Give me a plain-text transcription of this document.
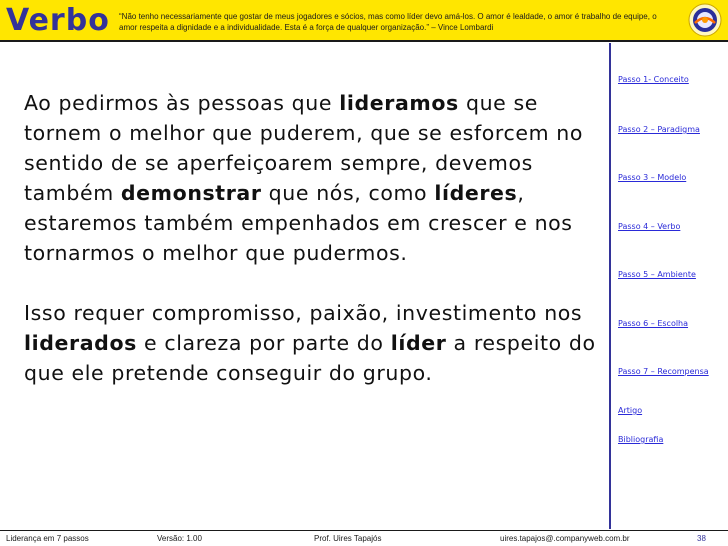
Verbo “Não tenho necessariamente que gostar de meus jogadores e sócios, mas como líder devo amá-los. O amor é lealdade, o amor é trabalho de equipe, o
amor respeita a dignidade e a individualidade. Esta é a força de qualquer organização.” – Vince Lombardi

Ao pedirmos às pessoas que lideramos que se tornem o melhor que puderem, que se esforcem no sentido de se aperfeiçoarem sempre, devemos também demonstrar que nós, como líderes, estaremos também empenhados em crescer e nos tornarmos o melhor que pudermos.

Isso requer compromisso, paixão, investimento nos liderados e clareza por parte do líder a respeito do que ele pretende conseguir do grupo.

Passo 1- Conceito
Passo 2 – Paradigma
Passo 3 – Modelo
Passo 4 – Verbo
Passo 5 – Ambiente
Passo 6 – Escolha
Passo 7 – Recompensa
Artigo
Bibliografia
Liderança em 7 passos	Versão: 1.00	Prof. Uires Tapajós	uires.tapajos@.companyweb.com.br	38
